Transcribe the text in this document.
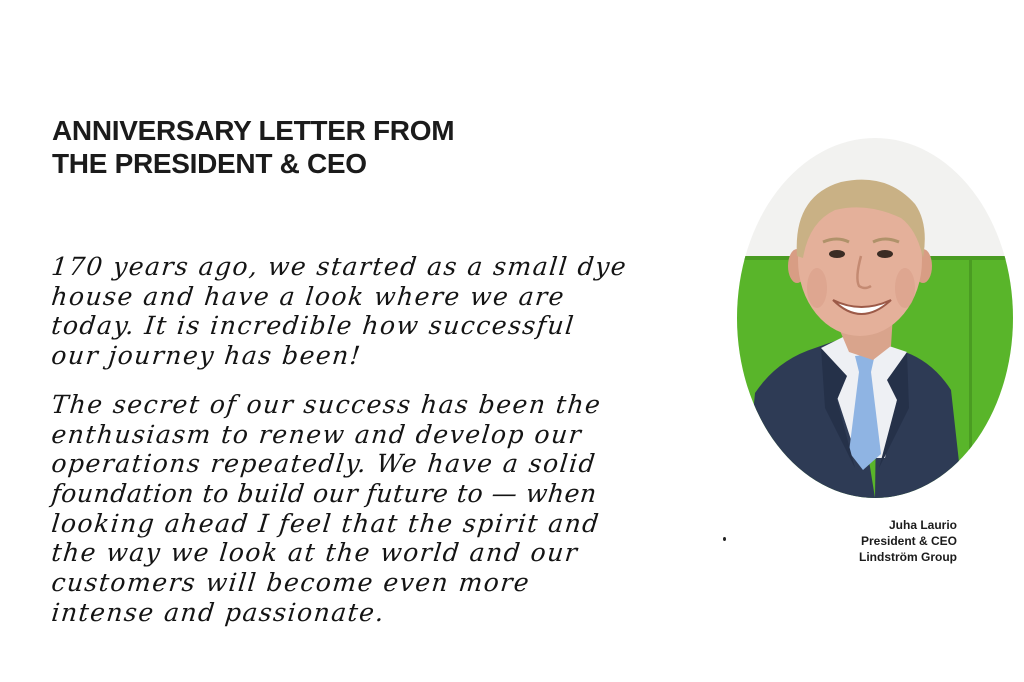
ANNIVERSARY LETTER FROM
THE PRESIDENT & CEO
170 years ago, we started as a small dye
house and have a look where we are
today. It is incredible how successful
our journey has been!
The secret of our success has been the
enthusiasm to renew and develop our
operations repeatedly. We have a solid
foundation to build our future to — when
looking ahead I feel that the spirit and
the way we look at the world and our
customers will become even more
intense and passionate.
Juha Laurio
President & CEO
Lindström Group
